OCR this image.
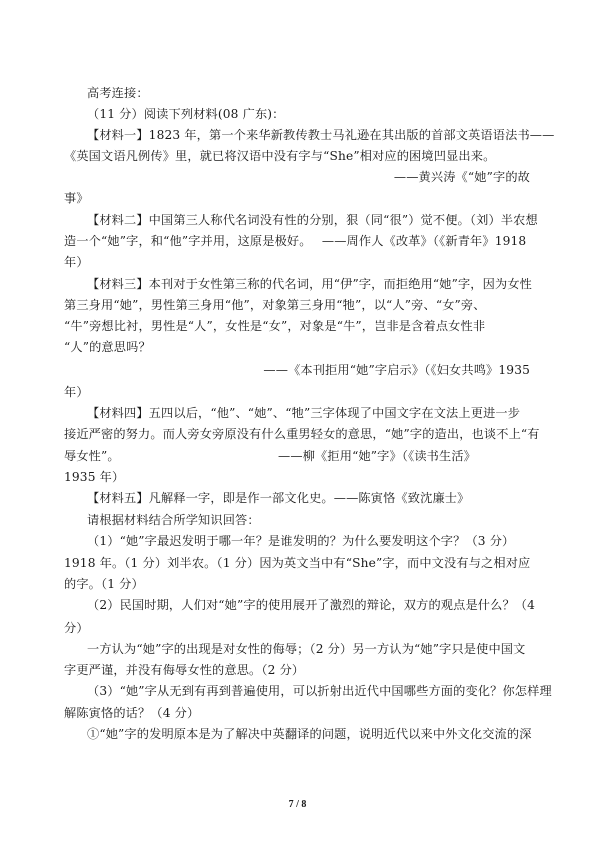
高考连接：
（11 分）阅读下列材料(08 广东)：
【材料一】1823 年，第一个来华新教传教士马礼逊在其出版的首部文英语语法书——
《英国文语凡例传》里，就已将汉语中没有字与“She”相对应的困境凹显出来。
——黄兴涛《“她”字的故
事》
【材料二】中国第三人称代名词没有性的分别，狠（同“很”）觉不便。（刘）半农想
造一个“她”字，和“他”字并用，这原是极好。　 ——周作人《改革》（《新青年》1918
年）
【材料三】本刊对于女性第三称的代名词，用“伊”字，而拒绝用“她”字，因为女性
第三身用“她”，男性第三身用“他”，对象第三身用“牠”，以“人”旁、“女”旁、
“牛”旁想比衬，男性是“人”，女性是“女”，对象是“牛”，岂非是含着点女性非
“人”的意思吗？
——《本刊拒用“她”字启示》（《妇女共鸣》1935
年）
【材料四】五四以后，“他”、“她”、“牠”三字体现了中国文字在文法上更进一步
接近严密的努力。而人旁女旁原没有什么重男轻女的意思，“她”字的造出，也谈不上“有
辱女性”。　　　　　　　　　　　　　 ——柳《拒用“她”字》（《读书生活》
1935 年）
【材料五】凡解释一字，即是作一部文化史。——陈寅恪《致沈廉士》
请根据材料结合所学知识回答：
（1）“她”字最迟发明于哪一年？是谁发明的？为什么要发明这个字？（3 分）
1918 年。（1 分）刘半农。（1 分）因为英文当中有“She”字，而中文没有与之相对应
的字。（1 分）
（2）民国时期，人们对“她”字的使用展开了激烈的辩论，双方的观点是什么？（4
分）
一方认为“她”字的出现是对女性的侮辱；（2 分）另一方认为“她”字只是使中国文
字更严谨，并没有侮辱女性的意思。（2 分）
（3）“她”字从无到有再到普遍使用，可以折射出近代中国哪些方面的变化？你怎样理
解陈寅恪的话？（4 分）
①“她”字的发明原本是为了解决中英翻译的问题，说明近代以来中外文化交流的深
7 / 8
